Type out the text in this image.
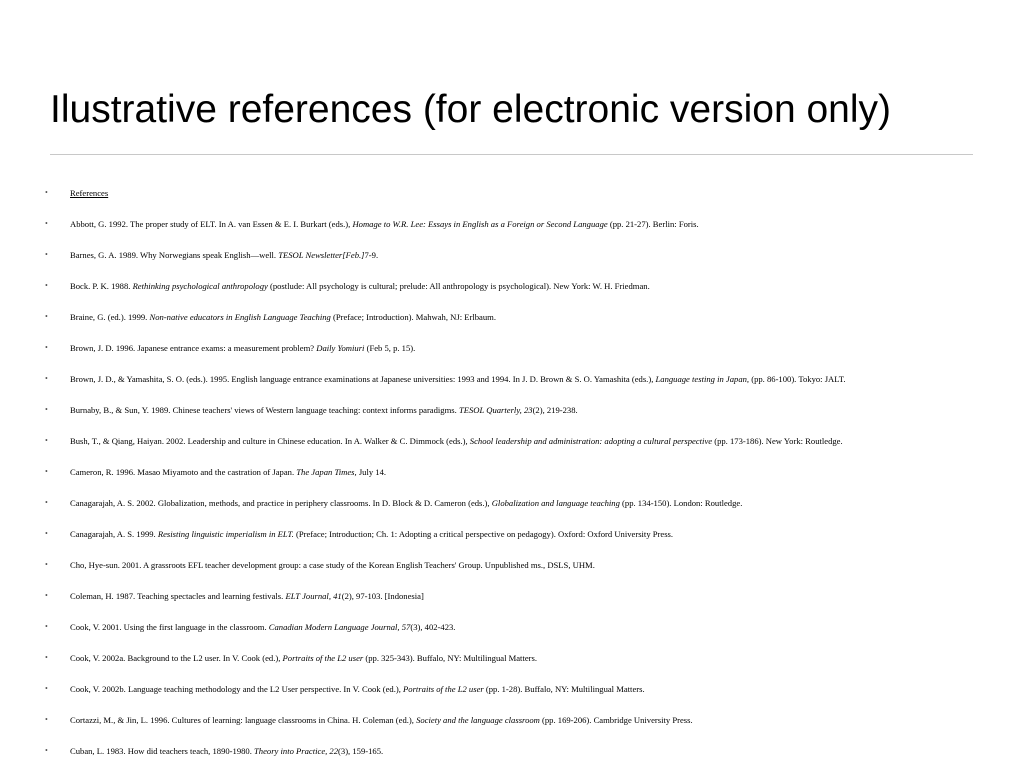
Ilustrative references (for electronic version only)
•	References
•	Abbott, G. 1992. The proper study of ELT. In A. van Essen & E. I. Burkart (eds.), Homage to W.R. Lee: Essays in English as a Foreign or Second Language (pp. 21-27). Berlin: Foris.
•	Barnes, G. A. 1989. Why Norwegians speak English—well. TESOL Newsletter[Feb.]7-9.
•	Bock. P. K. 1988. Rethinking psychological anthropology (postlude: All psychology is cultural; prelude: All anthropology is psychological). New York: W. H. Friedman.
•	Braine, G. (ed.). 1999. Non-native educators in English Language Teaching (Preface; Introduction). Mahwah, NJ: Erlbaum.
•	Brown, J. D. 1996. Japanese entrance exams: a measurement problem? Daily Yomiuri (Feb 5, p. 15).
•	Brown, J. D., & Yamashita, S. O. (eds.). 1995. English language entrance examinations at Japanese universities: 1993 and 1994. In J. D. Brown & S. O. Yamashita (eds.), Language testing in Japan, (pp. 86-100). Tokyo: JALT.
•	Burnaby, B., & Sun, Y. 1989. Chinese teachers' views of Western language teaching: context informs paradigms. TESOL Quarterly, 23(2), 219-238.
•	Bush, T., & Qiang, Haiyan. 2002. Leadership and culture in Chinese education. In A. Walker & C. Dimmock (eds.), School leadership and administration: adopting a cultural perspective (pp. 173-186). New York: Routledge.
•	Cameron, R. 1996. Masao Miyamoto and the castration of Japan. The Japan Times, July 14.
•	Canagarajah, A. S. 2002. Globalization, methods, and practice in periphery classrooms. In D. Block & D. Cameron (eds.), Globalization and language teaching (pp. 134-150). London: Routledge.
•	Canagarajah, A. S. 1999. Resisting linguistic imperialism in ELT. (Preface; Introduction; Ch. 1: Adopting a critical perspective on pedagogy). Oxford: Oxford University Press.
•	Cho, Hye-sun. 2001. A grassroots EFL teacher development group: a case study of the Korean English Teachers' Group. Unpublished ms., DSLS, UHM.
•	Coleman, H. 1987. Teaching spectacles and learning festivals. ELT Journal, 41(2), 97-103. [Indonesia]
•	Cook, V. 2001. Using the first language in the classroom. Canadian Modern Language Journal, 57(3), 402-423.
•	Cook, V. 2002a. Background to the L2 user. In V. Cook (ed.), Portraits of the L2 user (pp. 325-343). Buffalo, NY: Multilingual Matters.
•	Cook, V. 2002b. Language teaching methodology and the L2 User perspective. In V. Cook (ed.), Portraits of the L2 user (pp. 1-28). Buffalo, NY: Multilingual Matters.
•	Cortazzi, M., & Jin, L. 1996. Cultures of learning: language classrooms in China. H. Coleman (ed.), Society and the language classroom (pp. 169-206). Cambridge University Press.
•	Cuban, L. 1983. How did teachers teach, 1890-1980. Theory into Practice, 22(3), 159-165.
